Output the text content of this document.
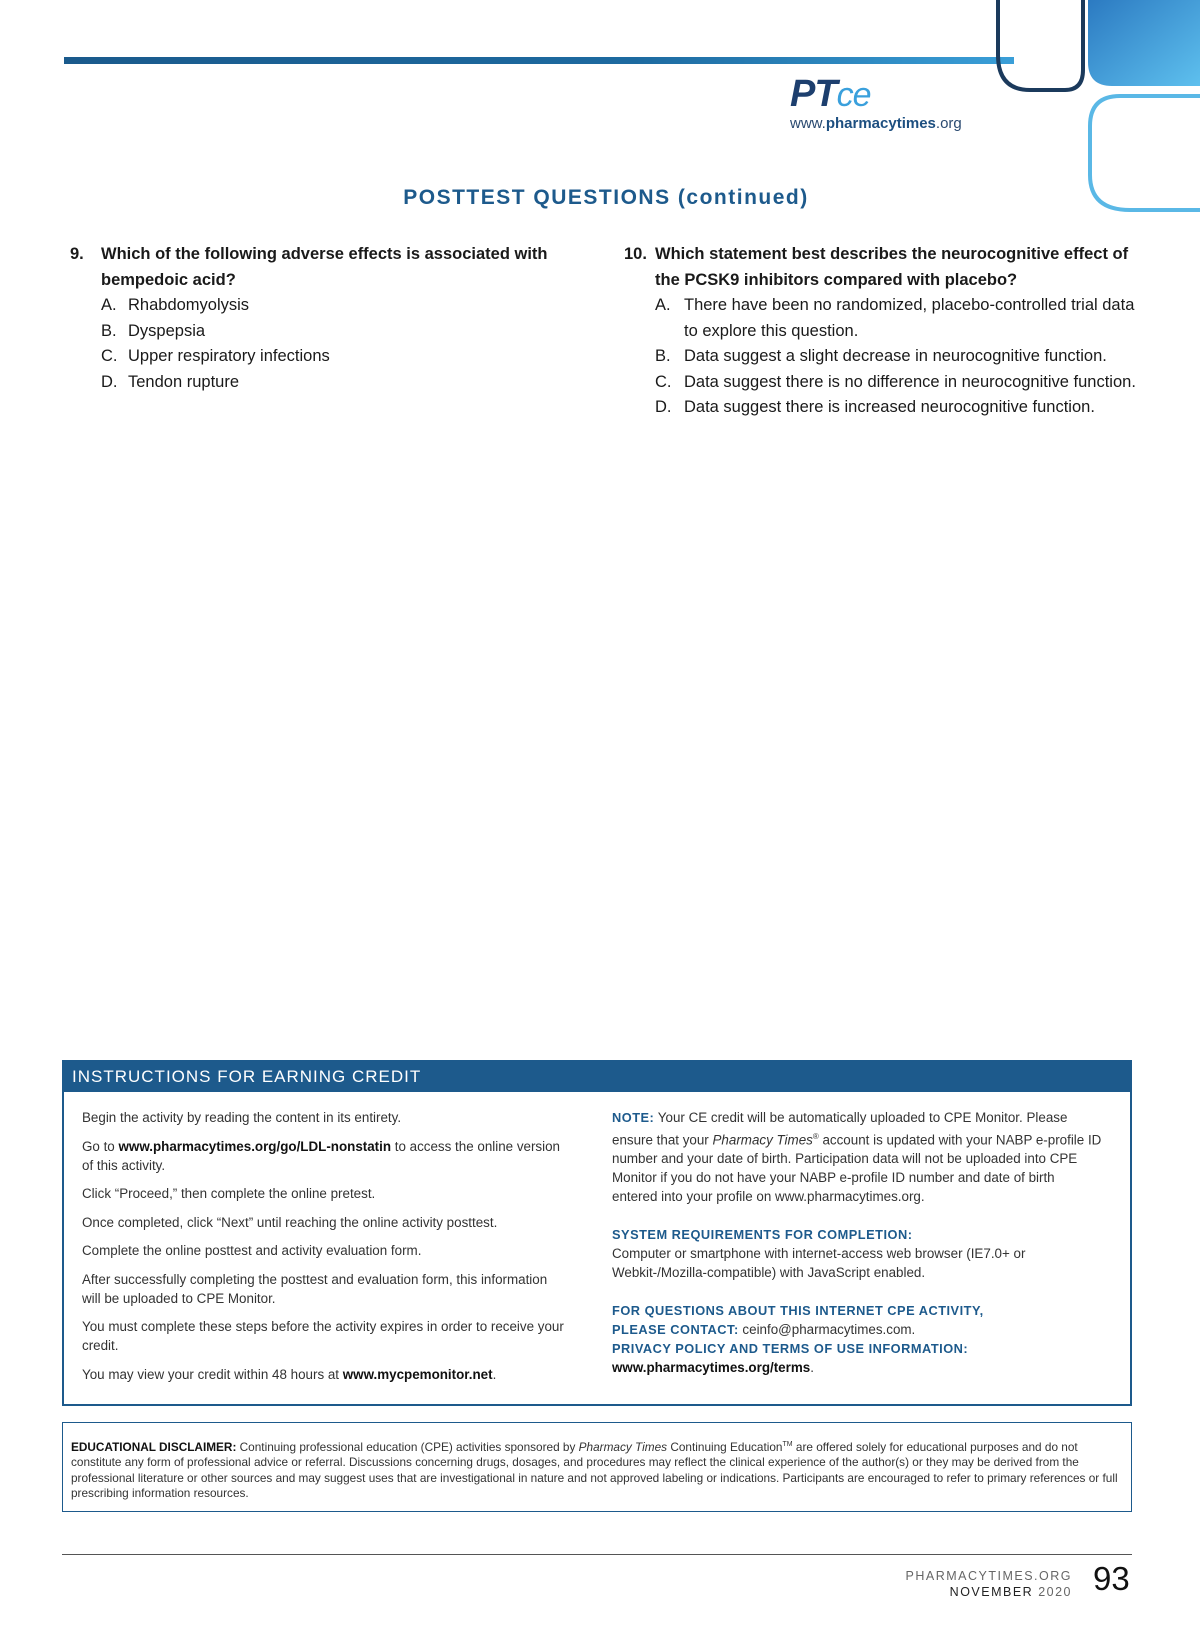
PTce
www.pharmacytimes.org
POSTTEST QUESTIONS (continued)
9.	Which of the following adverse effects is associated with bempedoic acid?
A. Rhabdomyolysis
B. Dyspepsia
C. Upper respiratory infections
D. Tendon rupture
10. Which statement best describes the neurocognitive effect of the PCSK9 inhibitors compared with placebo?
A. There have been no randomized, placebo-controlled trial data to explore this question.
B. Data suggest a slight decrease in neurocognitive function.
C. Data suggest there is no difference in neurocognitive function.
D. Data suggest there is increased neurocognitive function.
INSTRUCTIONS FOR EARNING CREDIT

Begin the activity by reading the content in its entirety.

Go to www.pharmacytimes.org/go/LDL-nonstatin to access the online version of this activity.

Click “Proceed,” then complete the online pretest.

Once completed, click “Next” until reaching the online activity posttest.

Complete the online posttest and activity evaluation form.

After successfully completing the posttest and evaluation form, this information will be uploaded to CPE Monitor.

You must complete these steps before the activity expires in order to receive your credit.

You may view your credit within 48 hours at www.mycpemonitor.net.

NOTE: Your CE credit will be automatically uploaded to CPE Monitor. Please ensure that your Pharmacy Times® account is updated with your NABP e-profile ID number and your date of birth. Participation data will not be uploaded into CPE Monitor if you do not have your NABP e-profile ID number and date of birth entered into your profile on www.pharmacytimes.org.

SYSTEM REQUIREMENTS FOR COMPLETION:

Computer or smartphone with internet-access web browser (IE7.0+ or Webkit-/Mozilla-compatible) with JavaScript enabled.

FOR QUESTIONS ABOUT THIS INTERNET CPE ACTIVITY,

PLEASE CONTACT: ceinfo@pharmacytimes.com.

PRIVACY POLICY AND TERMS OF USE INFORMATION:

www.pharmacytimes.org/terms.

EDUCATIONAL DISCLAIMER: Continuing professional education (CPE) activities sponsored by Pharmacy Times Continuing Education™ are offered solely for educational purposes and do not constitute any form of professional advice or referral. Discussions concerning drugs, dosages, and procedures may reflect the clinical experience of the author(s) or they may be derived from the professional literature or other sources and may suggest uses that are investigational in nature and not approved labeling or indications. Participants are encouraged to refer to primary references or full prescribing information resources.
PHARMACYTIMES.ORG
NOVEMBER 2020 93
